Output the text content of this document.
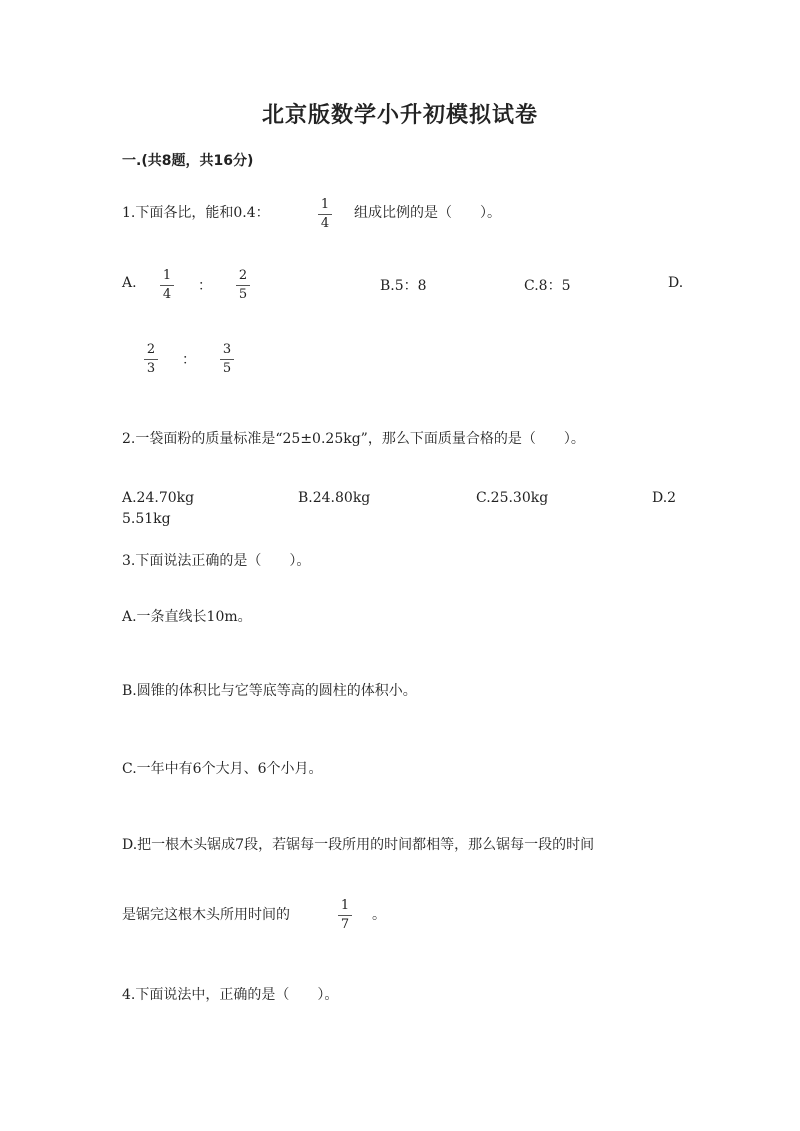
北京版数学小升初模拟试卷
一.(共8题，共16分)
1.下面各比，能和0.4：
1
4
组成比例的是（　　）。
A. 1
4
：
2
5
B.5：8	C.8：5	D.
2
3
：
3
5
2.一袋面粉的质量标准是“25±0.25kg”，那么下面质量合格的是（　　）。
A.24.70kg	B.24.80kg	C.25.30kg	D.2
5.51kg
3.下面说法正确的是（　　）。
A.一条直线长10m。
B.圆锥的体积比与它等底等高的圆柱的体积小。
C.一年中有6个大月、6个小月。
D.把一根木头锯成7段，若锯每一段所用的时间都相等，那么锯每一段的时间
是锯完这根木头所用时间的
1
7
。
4.下面说法中，正确的是（　　）。
